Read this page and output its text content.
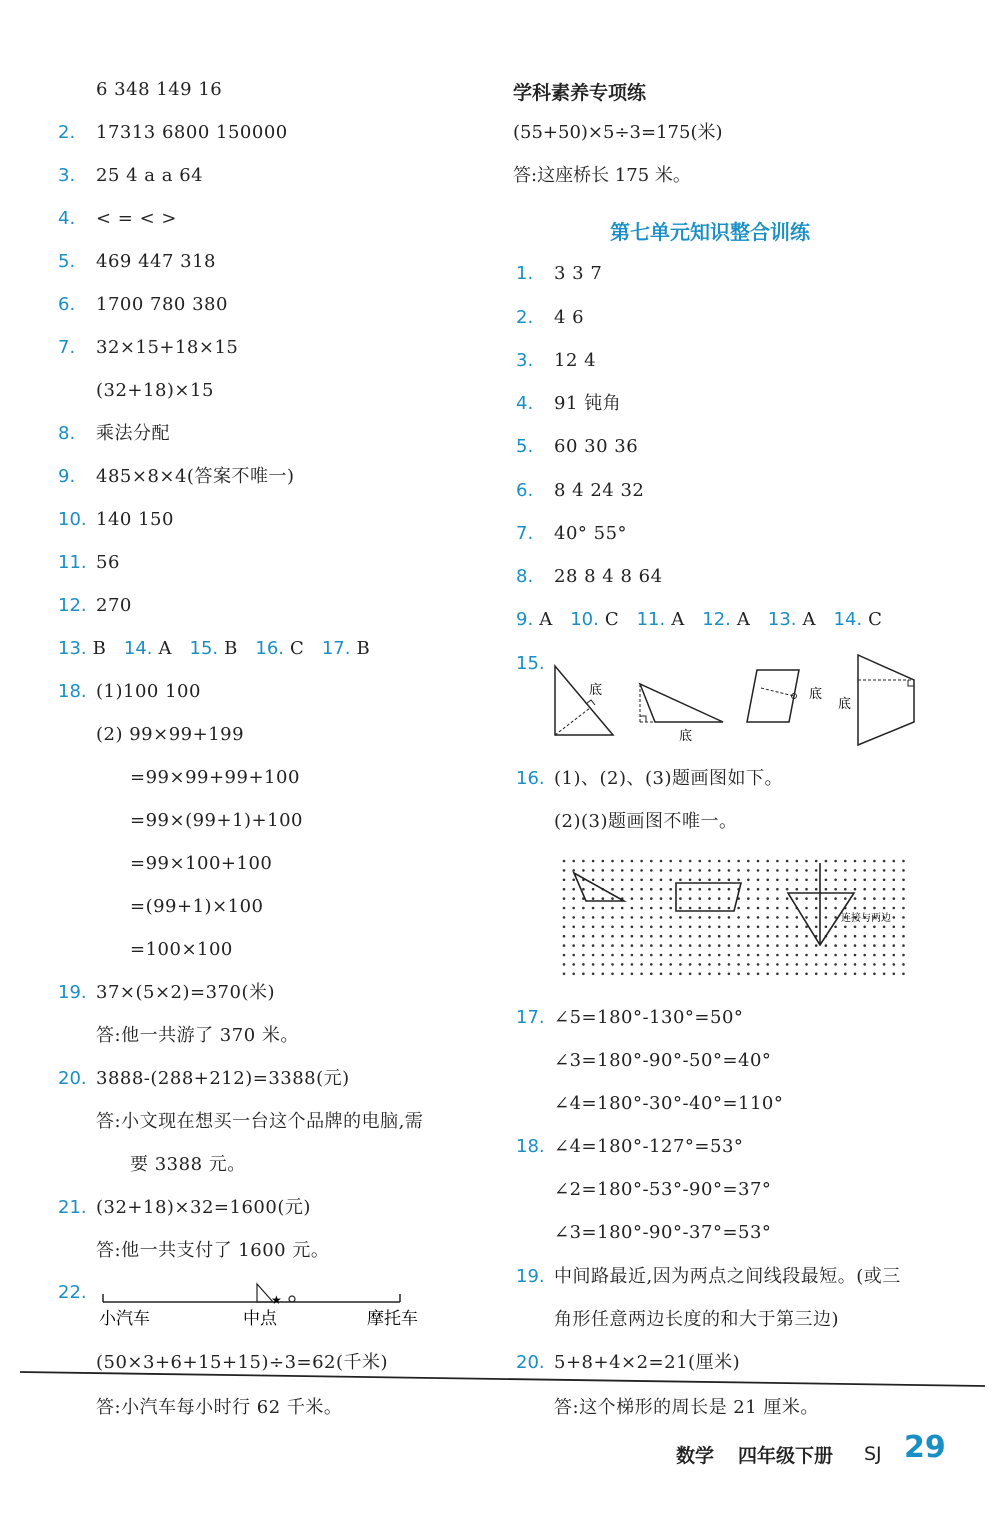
6 348 149 16
2. 17313 6800 150000
3. 25 4 a a 64
4. < = < >
5. 469 447 318
6. 1700 780 380
7. 32×15+18×15
(32+18)×15
8. 乘法分配
9. 485×8×4(答案不唯一)
10. 140 150
11. 56
12. 270
18. (1)100 100
(2) 99×99+199
=99×99+99+100
=99×(99+1)+100
=99×100+100
=(99+1)×100
=100×100
19. 37×(5×2)=370(米)
答:他一共游了 370 米。
20. 3888-(288+212)=3388(元)
答:小文现在想买一台这个品牌的电脑,需
要 3388 元。
21. (32+18)×32=1600(元)
答:他一共支付了 1600 元。
(50×3+6+15+15)÷3=62(千米)
答:小汽车每小时行 62 千米。
1. 3 3 7
2. 4 6
3. 12 4
4. 91 钝角
5. 60 30 36
6. 8 4 24 32
7. 40° 55°
8. 28 8 4 8 64
16. (1)、(2)、(3)题画图如下。
(2)(3)题画图不唯一。
17. ∠5=180°-130°=50°
∠3=180°-90°-50°=40°
∠4=180°-30°-40°=110°
18. ∠4=180°-127°=53°
∠2=180°-53°-90°=37°
∠3=180°-90°-37°=53°
19. 中间路最近,因为两点之间线段最短。(或三
角形任意两边长度的和大于第三边)
20. 5+8+4×2=21(厘米)
答:这个梯形的周长是 21 厘米。
(55+50)×5÷3=175(米)
答:这座桥长 175 米。
13. B 14. A 15. B 16. C 17. B
22.	★
小汽车	中点	摩托车
学科素养专项练
第七单元知识整合训练
9. A 10. C 11. A 12. A 13. A 14. C
15.
底
底
底
底
连接与两边
数学 四年级下册 SJ 29
